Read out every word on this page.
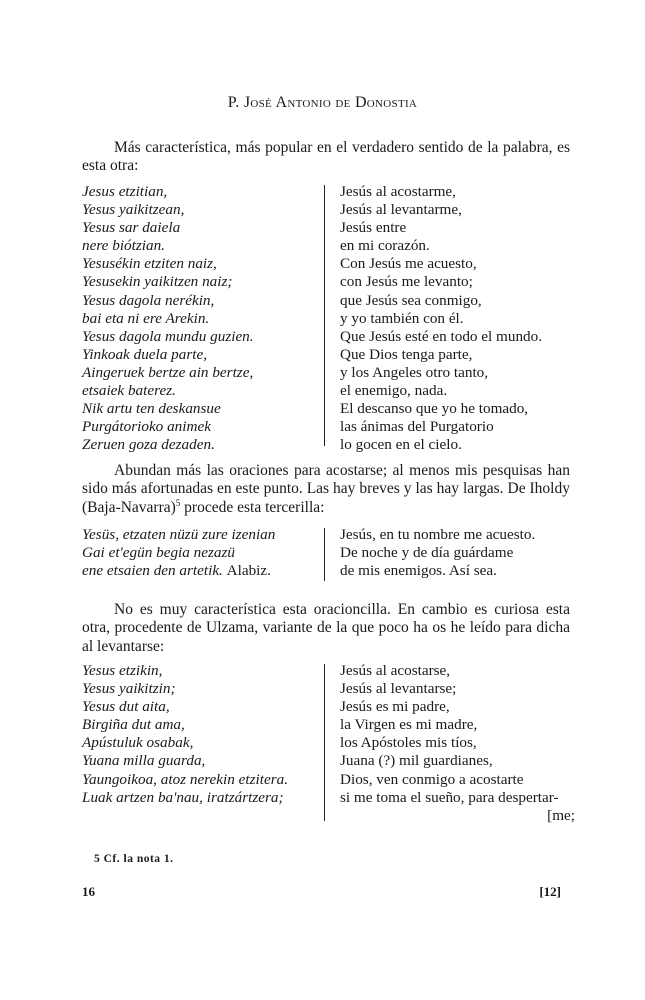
P. José Antonio de Donostia

Más característica, más popular en el verdadero sentido de la palabra, es esta otra:

Jesus etzitian,
Yesus yaikitzean,
Yesus sar daiela
nere biótzian.
Yesusékin etziten naiz,
Yesusekin yaikitzen naiz;
Yesus dagola nerékin,
bai eta ni ere Arekin.
Yesus dagola mundu guzien.
Yinkoak duela parte,
Aingeruek bertze ain bertze,
etsaiek baterez.
Nik artu ten deskansue
Purgátorioko animek
Zeruen goza dezaden.
Jesús al acostarme,
Jesús al levantarme,
Jesús entre
en mi corazón.
Con Jesús me acuesto,
con Jesús me levanto;
que Jesús sea conmigo,
y yo también con él.
Que Jesús esté en todo el mundo.
Que Dios tenga parte,
y los Angeles otro tanto,
el enemigo, nada.
El descanso que yo he tomado,
las ánimas del Purgatorio
lo gocen en el cielo.

Abundan más las oraciones para acostarse; al menos mis pesquisas han sido más afortunadas en este punto. Las hay breves y las hay largas. De Iholdy (Baja-Navarra)$^5$ procede esta tercerilla:

Yesüs, etzaten nüzü zure izenian
Gai et'egün begia nezazü
ene etsaien den artetik. Alabiz.
Jesús, en tu nombre me acuesto.
De noche y de día guárdame
de mis enemigos. Así sea.

No es muy característica esta oracioncilla. En cambio es curiosa esta otra, procedente de Ulzama, variante de la que poco ha os he leído para dicha al levantarse:

Yesus etzikin,
Yesus yaikitzin;
Yesus dut aita,
Birgiña dut ama,
Apústuluk osabak,
Yuana milla guarda,
Yaungoikoa, atoz nerekin etzitera.
Luak artzen ba'nau, iratzártzera;
Jesús al acostarse,
Jesús al levantarse;
Jesús es mi padre,
la Virgen es mi madre,
los Apóstoles mis tíos,
Juana (?) mil guardianes,
Dios, ven conmigo a acostarte
si me toma el sueño, para despertar-
[me;
5 Cf. la nota 1.
16	[12]
